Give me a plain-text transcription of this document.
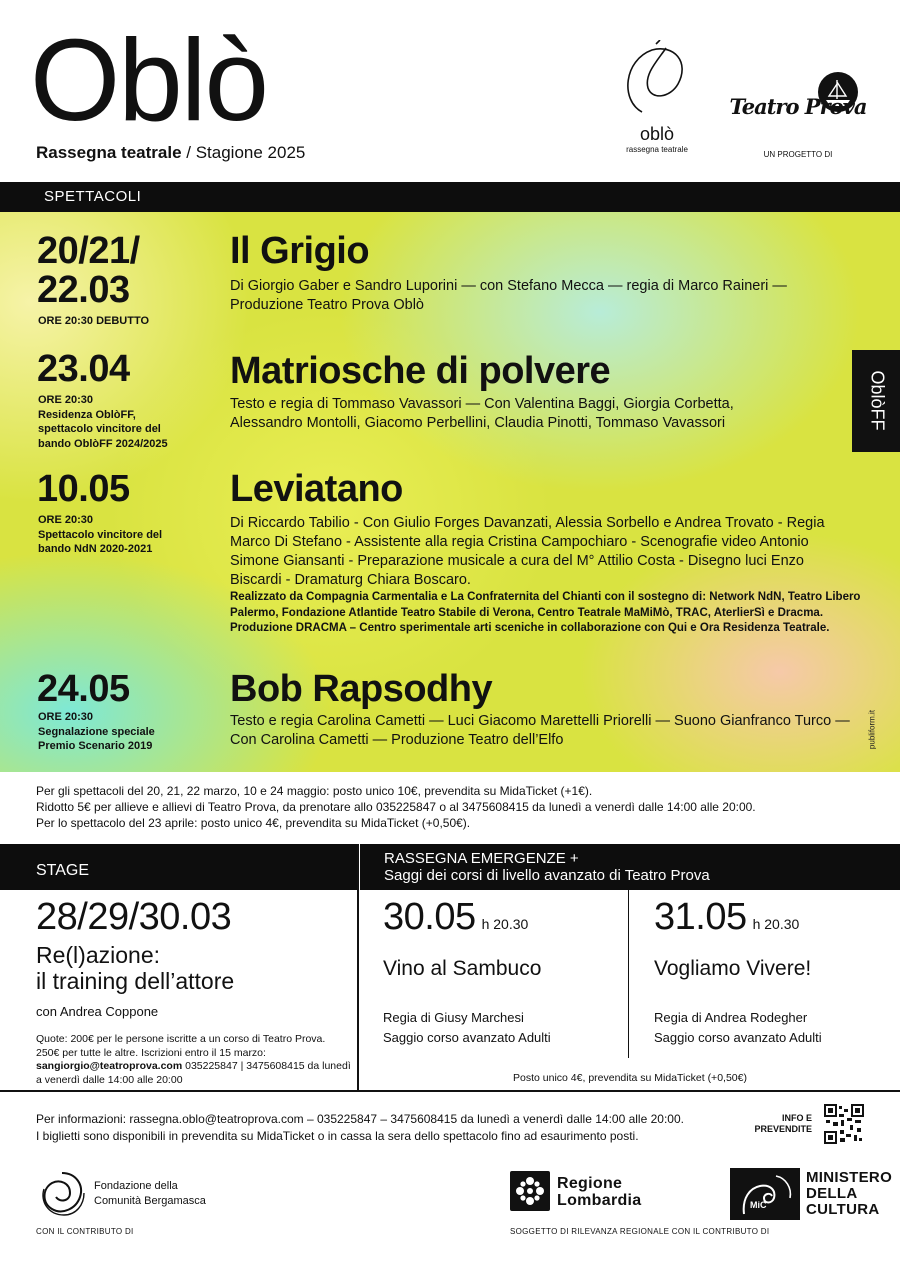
Oblò
Rassegna teatrale / Stagione 2025
oblò
rassegna teatrale
Teatro Prova
UN PROGETTO DI
SPETTACOLI
20/21/
22.03
ORE 20:30 DEBUTTO
Il Grigio
Di Giorgio Gaber e Sandro Luporini — con Stefano Mecca — regia di Marco Raineri — Produzione Teatro Prova Oblò
23.04
ORE 20:30
Residenza OblòFF,
spettacolo vincitore del
bando OblòFF 2024/2025
Matriosche di polvere
Testo e regia di Tommaso Vavassori — Con Valentina Baggi, Giorgia Corbetta, Alessandro Montolli, Giacomo Perbellini, Claudia Pinotti, Tommaso Vavassori
10.05
ORE 20:30
Spettacolo vincitore del
bando NdN 2020-2021
Leviatano
Di Riccardo Tabilio - Con Giulio Forges Davanzati, Alessia Sorbello e Andrea Trovato - Regia Marco Di Stefano - Assistente alla regia Cristina Campochiaro - Scenografie video Antonio Simone Giansanti - Preparazione musicale a cura del M° Attilio Costa - Disegno luci Enzo Biscardi - Dramaturg Chiara Boscaro.
Realizzato da Compagnia Carmentalia e La Confraternita del Chianti con il sostegno di: Network NdN, Teatro Libero Palermo, Fondazione Atlantide Teatro Stabile di Verona, Centro Teatrale MaMiMò, TRAC, AterlierSì e Dracma. Produzione DRACMA – Centro sperimentale arti sceniche in collaborazione con Qui e Ora Residenza Teatrale.
24.05
ORE 20:30
Segnalazione speciale
Premio Scenario 2019
Bob Rapsodhy
Testo e regia Carolina Cametti — Luci Giacomo Marettelli Priorelli — Suono Gianfranco Turco — Con Carolina Cametti — Produzione Teatro dell’Elfo
OblòFF
publiform.it
Per gli spettacoli del 20, 21, 22 marzo, 10 e 24 maggio: posto unico 10€, prevendita su MidaTicket (+1€).
Ridotto 5€ per allieve e allievi di Teatro Prova, da prenotare allo 035225847 o al 3475608415 da lunedì a venerdì dalle 14:00 alle 20:00.
Per lo spettacolo del 23 aprile: posto unico 4€, prevendita su MidaTicket (+0,50€).
STAGE
RASSEGNA EMERGENZE +
Saggi dei corsi di livello avanzato di Teatro Prova
28/29/30.03
Re(l)azione:
il training dell’attore
con Andrea Coppone
Quote: 200€ per le persone iscritte a un corso di Teatro Prova. 250€ per tutte le altre. Iscrizioni entro il 15 marzo:
sangiorgio@teatroprova.com 035225847 | 3475608415 da lunedì a venerdì dalle 14:00 alle 20:00
30.05 h 20.30
Vino al Sambuco
Regia di Giusy Marchesi
Saggio corso avanzato Adulti
31.05 h 20.30
Vogliamo Vivere!
Regia di Andrea Rodegher
Saggio corso avanzato Adulti
Posto unico 4€, prevendita su MidaTicket (+0,50€)
Per informazioni: rassegna.oblo@teatroprova.com – 035225847 – 3475608415 da lunedì a venerdì dalle 14:00 alle 20:00.
I biglietti sono disponibili in prevendita su MidaTicket o in cassa la sera dello spettacolo fino ad esaurimento posti.
INFO E
PREVENDITE
Fondazione della
Comunità Bergamasca
Regione
Lombardia	MiC
MINISTERO
DELLA
CULTURA
CON IL CONTRIBUTO DI	SOGGETTO DI RILEVANZA REGIONALE CON IL CONTRIBUTO DI
